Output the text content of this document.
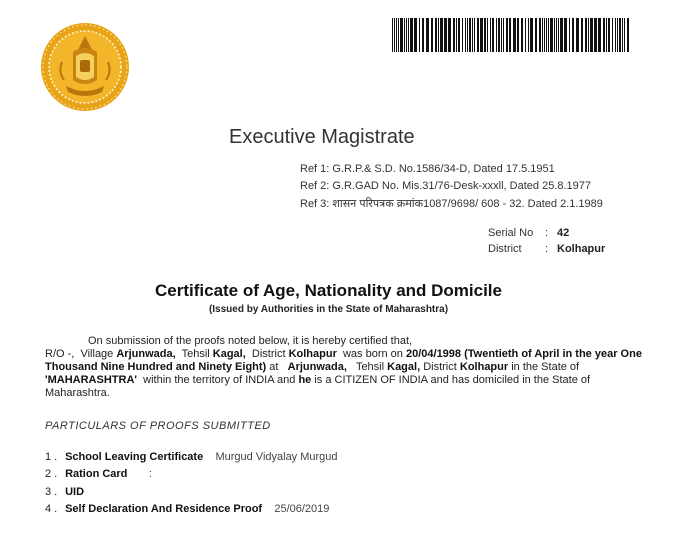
Executive Magistrate
Ref 1: G.R.P.& S.D. No.1586/34-D, Dated 17.5.1951
Ref 2: G.R.GAD No. Mis.31/76-Desk-xxxll, Dated 25.8.1977
Ref 3: शासन परिपत्रक क्रमांक1087/9698/ 608 - 32. Dated 2.1.1989
Serial No : 42
District : Kolhapur
Certificate of Age, Nationality and Domicile
(Issued by Authorities in the State of Maharashtra)
On submission of the proofs noted below, it is hereby certified that,
R/O -, Village Arjunwada, Tehsil Kagal, District Kolhapur was born on 20/04/1998 (Twentieth of April in the year One Thousand Nine Hundred and Ninety Eight) at Arjunwada, Tehsil Kagal, District Kolhapur in the State of 'MAHARASHTRA' within the territory of INDIA and he is a CITIZEN OF INDIA and has domiciled in the State of Maharashtra.
PARTICULARS OF PROOFS SUBMITTED
1 . School Leaving Certificate Murgud Vidyalay Murgud
2 . Ration Card :
3 . UID
4 . Self Declaration And Residence Proof 25/06/2019
